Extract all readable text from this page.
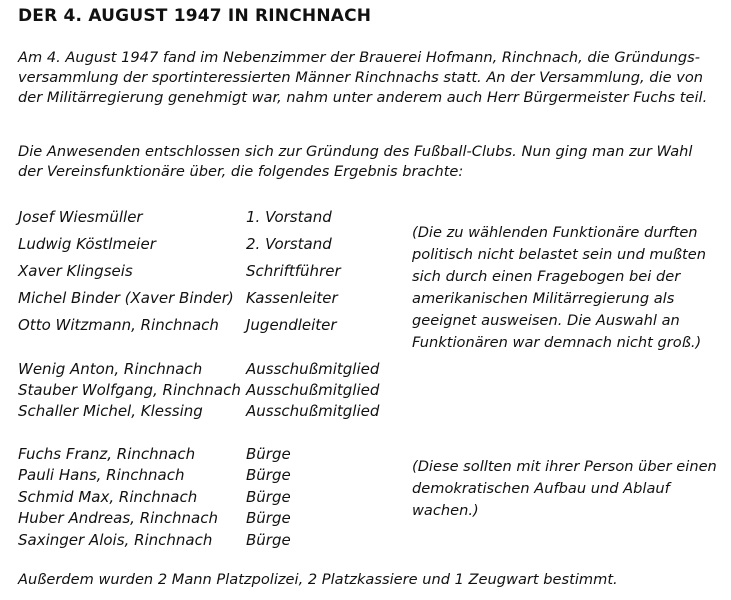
DER 4. AUGUST 1947 IN RINCHNACH
Am 4. August 1947 fand im Nebenzimmer der Brauerei Hofmann, Rinchnach, die Gründungs-versammlung der sportinteressierten Männer Rinchnachs statt. An der Versammlung, die von der Militärregierung genehmigt war, nahm unter anderem auch Herr Bürgermeister Fuchs teil.
Die Anwesenden entschlossen sich zur Gründung des Fußball-Clubs. Nun ging man zur Wahl der Vereinsfunktionäre über, die folgendes Ergebnis brachte:
Josef Wiesmüller	1. Vorstand
Ludwig Köstlmeier	2. Vorstand
Xaver Klingseis	Schriftführer
Michel Binder (Xaver Binder) Kassenleiter
Otto Witzmann, Rinchnach Jugendleiter
Wenig Anton, Rinchnach	Ausschußmitglied
Stauber Wolfgang, Rinchnach Ausschußmitglied
Schaller Michel, Klessing	Ausschußmitglied
Fuchs Franz, Rinchnach	Bürge
Pauli Hans, Rinchnach	Bürge
Schmid Max, Rinchnach	Bürge
Huber Andreas, Rinchnach Bürge
Saxinger Alois, Rinchnach Bürge
(Die zu wählenden Funktionäre durften politisch nicht belastet sein und mußten sich durch einen Fragebogen bei der amerikanischen Militärregierung als geeignet ausweisen. Die Auswahl an Funktionären war demnach nicht groß.)
(Diese sollten mit ihrer Person über einen demokratischen Aufbau und Ablauf wachen.)
Außerdem wurden 2 Mann Platzpolizei, 2 Platzkassiere und 1 Zeugwart bestimmt.
